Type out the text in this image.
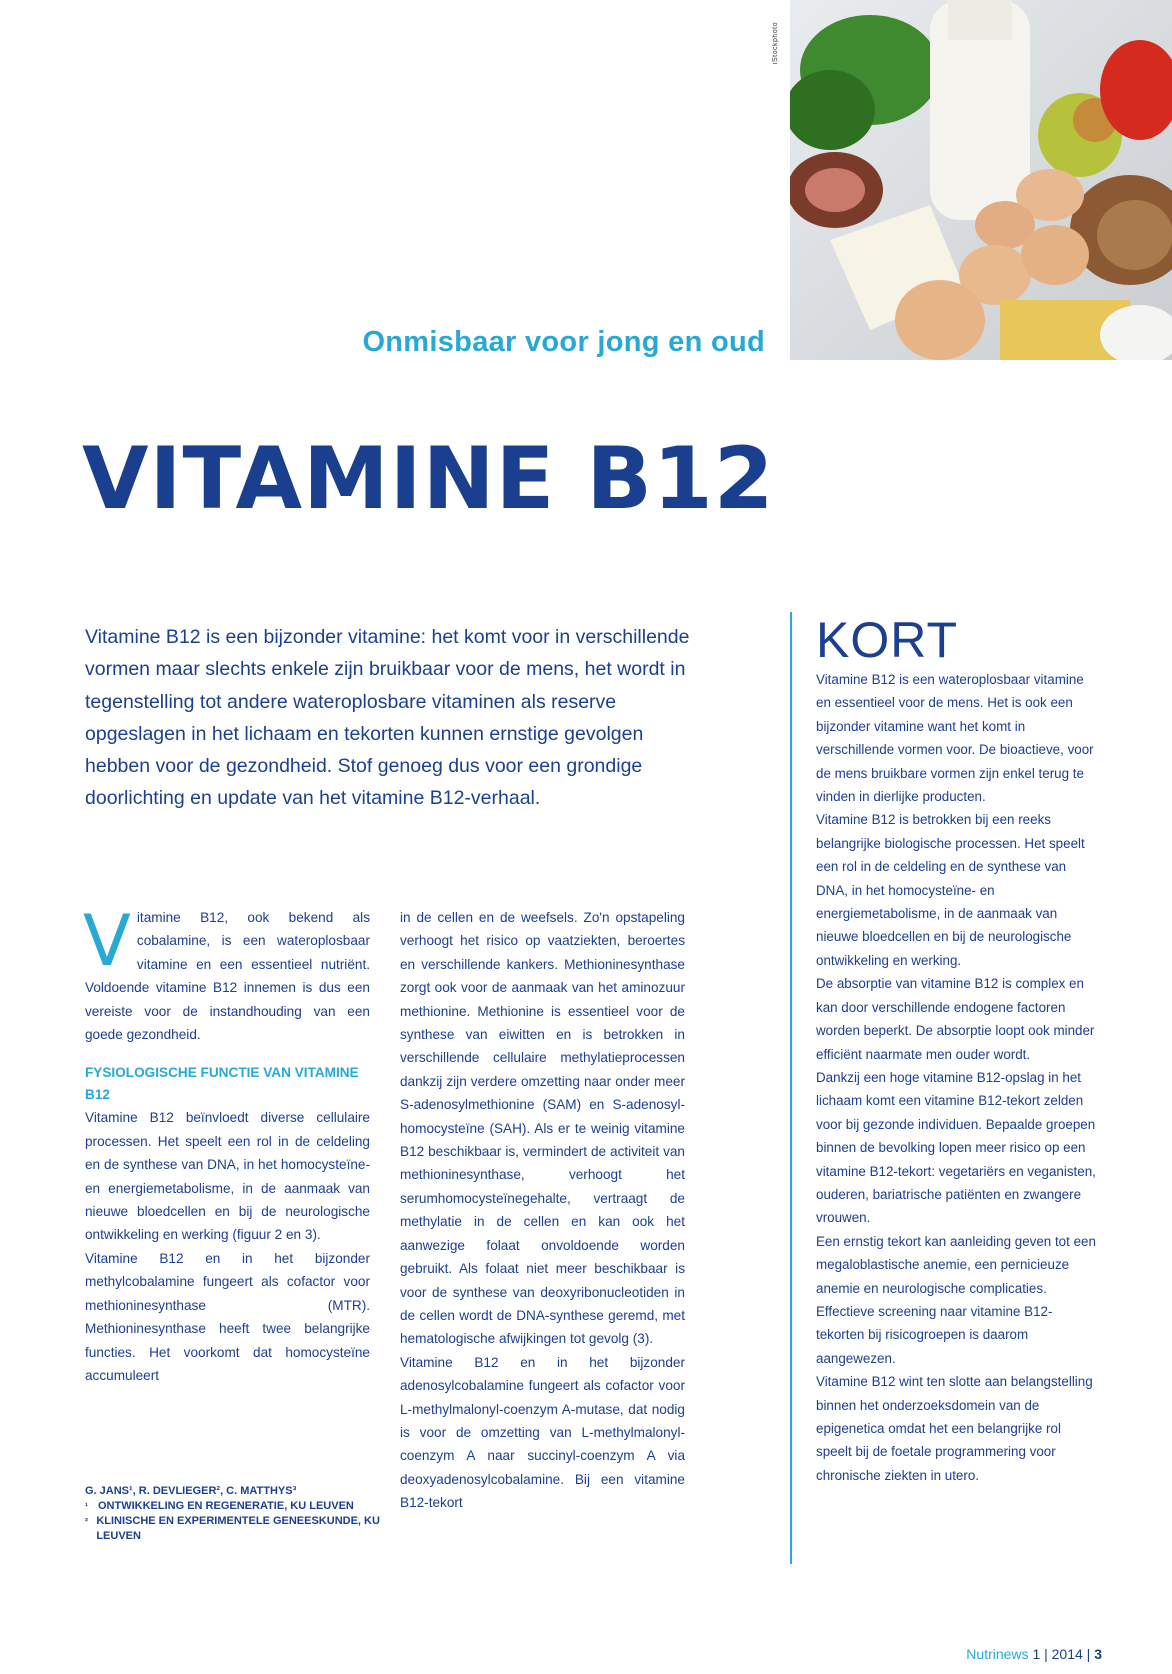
iStockphoto
Onmisbaar voor jong en oud
VITAMINE B12

Vitamine B12 is een bijzonder vitamine: het komt voor in verschillende vormen maar slechts enkele zijn bruikbaar voor de mens, het wordt in tegenstelling tot andere wateroplosbare vitaminen als reserve opgeslagen in het lichaam en tekorten kunnen ernstige gevolgen hebben voor de gezondheid. Stof genoeg dus voor een grondige doorlichting en update van het vitamine B12-verhaal.

Vitamine B12, ook bekend als cobalamine, is een wateroplosbaar vitamine en een essentieel nutriënt. Voldoende vitamine B12 innemen is dus een vereiste voor de instandhouding van een goede gezondheid.

FYSIOLOGISCHE FUNCTIE VAN VITAMINE B12

Vitamine B12 beïnvloedt diverse cellulaire processen. Het speelt een rol in de celdeling en de synthese van DNA, in het homocysteïne- en energiemetabolisme, in de aanmaak van nieuwe bloedcellen en bij de neurologische ontwikkeling en werking (figuur 2 en 3).

Vitamine B12 en in het bijzonder methylcobalamine fungeert als cofactor voor methioninesynthase (MTR). Methioninesynthase heeft twee belangrijke functies. Het voorkomt dat homocysteïne accumuleert

in de cellen en de weefsels. Zo'n opstapeling verhoogt het risico op vaatziekten, beroertes en verschillende kankers. Methioninesynthase zorgt ook voor de aanmaak van het aminozuur methionine. Methionine is essentieel voor de synthese van eiwitten en is betrokken in verschillende cellulaire methylatieprocessen dankzij zijn verdere omzetting naar onder meer S-adenosylmethionine (SAM) en S-adenosyl-homocysteïne (SAH). Als er te weinig vitamine B12 beschikbaar is, vermindert de activiteit van methioninesynthase, verhoogt het serumhomocysteïnegehalte, vertraagt de methylatie in de cellen en kan ook het aanwezige folaat onvoldoende worden gebruikt. Als folaat niet meer beschikbaar is voor de synthese van deoxyribonucleotiden in de cellen wordt de DNA-synthese geremd, met hematologische afwijkingen tot gevolg (3).

Vitamine B12 en in het bijzonder adenosylcobalamine fungeert als cofactor voor L-methylmalonyl-coenzym A-mutase, dat nodig is voor de omzetting van L-methylmalonyl-coenzym A naar succinyl-coenzym A via deoxyadenosylcobalamine. Bij een vitamine B12-tekort

G. JANS¹, R. DEVLIEGER², C. MATTHYS³
¹ ONTWIKKELING EN REGENERATIE, KU LEUVEN
² KLINISCHE EN EXPERIMENTELE GENEESKUNDE, KU LEUVEN
KORT

Vitamine B12 is een wateroplosbaar vitamine en essentieel voor de mens. Het is ook een bijzonder vitamine want het komt in verschillende vormen voor. De bioactieve, voor de mens bruikbare vormen zijn enkel terug te vinden in dierlijke producten.

Vitamine B12 is betrokken bij een reeks belangrijke biologische processen. Het speelt een rol in de celdeling en de synthese van DNA, in het homocysteïne- en energiemetabolisme, in de aanmaak van nieuwe bloedcellen en bij de neurologische ontwikkeling en werking.

De absorptie van vitamine B12 is complex en kan door verschillende endogene factoren worden beperkt. De absorptie loopt ook minder efficiënt naarmate men ouder wordt.

Dankzij een hoge vitamine B12-opslag in het lichaam komt een vitamine B12-tekort zelden voor bij gezonde individuen. Bepaalde groepen binnen de bevolking lopen meer risico op een vitamine B12-tekort: vegetariërs en veganisten, ouderen, bariatrische patiënten en zwangere vrouwen.

Een ernstig tekort kan aanleiding geven tot een megaloblastische anemie, een pernicieuze anemie en neurologische complicaties. Effectieve screening naar vitamine B12-tekorten bij risicogroepen is daarom aangewezen.

Vitamine B12 wint ten slotte aan belangstelling binnen het onderzoeksdomein van de epigenetica omdat het een belangrijke rol speelt bij de foetale programmering voor chronische ziekten in utero.

Nutrinews 1 | 2014 | 3
